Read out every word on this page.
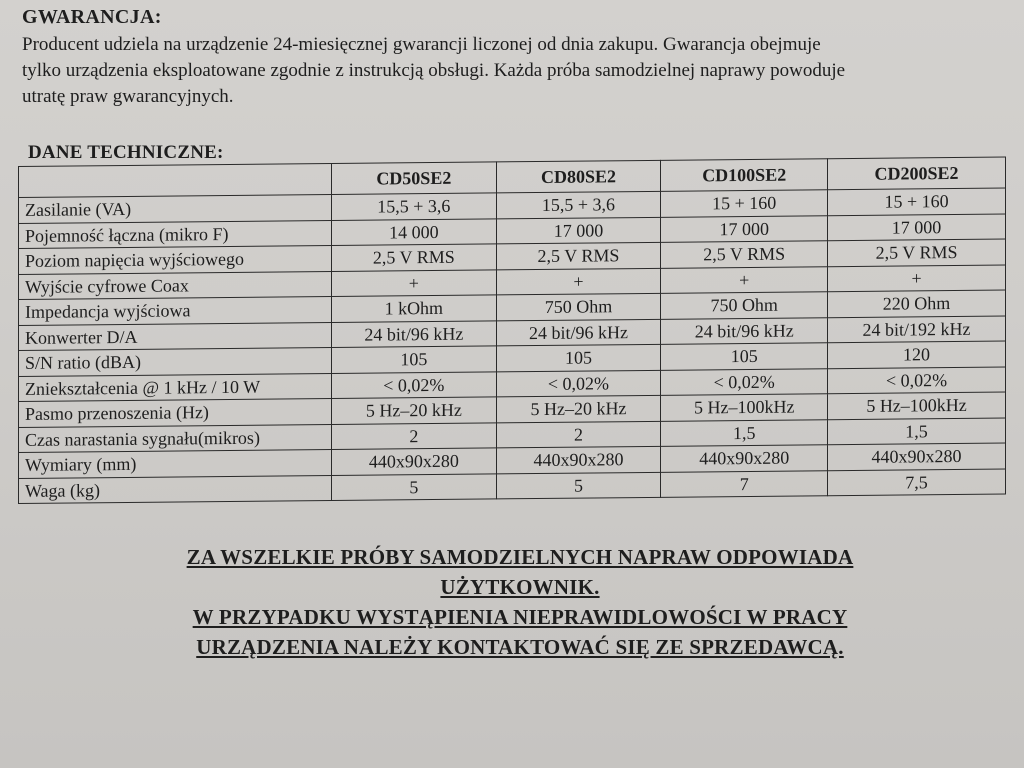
GWARANCJA:
Producent udziela na urządzenie 24-miesięcznej gwarancji liczonej od dnia zakupu. Gwarancja obejmuje
tylko urządzenia eksploatowane zgodnie z instrukcją obsługi. Każda próba samodzielnej naprawy powoduje
utratę praw gwarancyjnych.
DANE TECHNICZNE:
	CD50SE2	CD80SE2	CD100SE2	CD200SE2
Zasilanie (VA)	15,5 + 3,6	15,5 + 3,6	15 + 160	15 + 160
Pojemność łączna (mikro F)	14 000	17 000	17 000	17 000
Poziom napięcia wyjściowego	2,5 V RMS	2,5 V RMS	2,5 V RMS	2,5 V RMS
Wyjście cyfrowe Coax	+	+	+	+
Impedancja wyjściowa	1 kOhm	750 Ohm	750 Ohm	220 Ohm
Konwerter D/A	24 bit/96 kHz	24 bit/96 kHz	24 bit/96 kHz	24 bit/192 kHz
S/N ratio (dBA)	105	105	105	120
Zniekształcenia @ 1 kHz / 10 W	< 0,02%	< 0,02%	< 0,02%	< 0,02%
Pasmo przenoszenia (Hz)	5 Hz–20 kHz	5 Hz–20 kHz	5 Hz–100kHz	5 Hz–100kHz
Czas narastania sygnału(mikros)	2	2	1,5	1,5
Wymiary (mm)	440x90x280	440x90x280	440x90x280	440x90x280
Waga (kg)	5	5	7	7,5
ZA WSZELKIE PRÓBY SAMODZIELNYCH NAPRAW ODPOWIADA
UŻYTKOWNIK.
W PRZYPADKU WYSTĄPIENIA NIEPRAWIDLOWOŚCI W PRACY
URZĄDZENIA NALEŻY KONTAKTOWAĆ SIĘ ZE SPRZEDAWCĄ.
